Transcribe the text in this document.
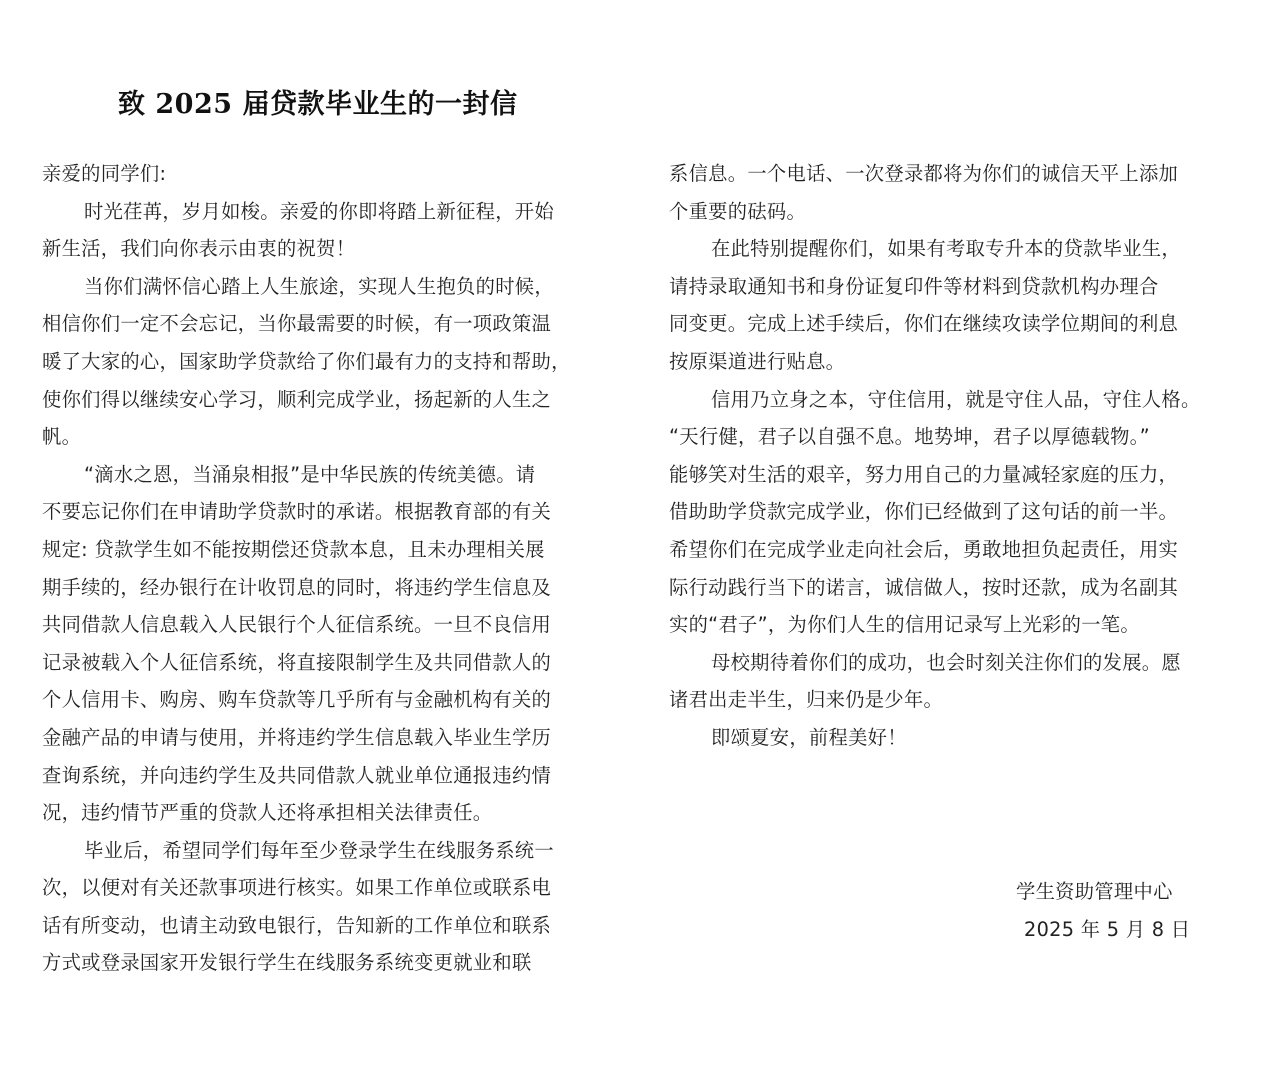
致 2025 届贷款毕业生的一封信
亲爱的同学们:
时光荏苒，岁月如梭。亲爱的你即将踏上新征程，开始
新生活，我们向你表示由衷的祝贺！
当你们满怀信心踏上人生旅途，实现人生抱负的时候，
相信你们一定不会忘记，当你最需要的时候，有一项政策温
暖了大家的心，国家助学贷款给了你们最有力的支持和帮助，
使你们得以继续安心学习，顺利完成学业，扬起新的人生之
帆。
“滴水之恩，当涌泉相报”是中华民族的传统美德。请
不要忘记你们在申请助学贷款时的承诺。根据教育部的有关
规定: 贷款学生如不能按期偿还贷款本息，且未办理相关展
期手续的，经办银行在计收罚息的同时，将违约学生信息及
共同借款人信息载入人民银行个人征信系统。一旦不良信用
记录被载入个人征信系统，将直接限制学生及共同借款人的
个人信用卡、购房、购车贷款等几乎所有与金融机构有关的
金融产品的申请与使用，并将违约学生信息载入毕业生学历
查询系统，并向违约学生及共同借款人就业单位通报违约情
况，违约情节严重的贷款人还将承担相关法律责任。
毕业后，希望同学们每年至少登录学生在线服务系统一
次，以便对有关还款事项进行核实。如果工作单位或联系电
话有所变动，也请主动致电银行，告知新的工作单位和联系
方式或登录国家开发银行学生在线服务系统变更就业和联
系信息。一个电话、一次登录都将为你们的诚信天平上添加
个重要的砝码。
在此特别提醒你们，如果有考取专升本的贷款毕业生，
请持录取通知书和身份证复印件等材料到贷款机构办理合
同变更。完成上述手续后，你们在继续攻读学位期间的利息
按原渠道进行贴息。
信用乃立身之本，守住信用，就是守住人品，守住人格。
“天行健，君子以自强不息。地势坤，君子以厚德载物。”
能够笑对生活的艰辛，努力用自己的力量减轻家庭的压力，
借助助学贷款完成学业，你们已经做到了这句话的前一半。
希望你们在完成学业走向社会后，勇敢地担负起责任，用实
际行动践行当下的诺言，诚信做人，按时还款，成为名副其
实的“君子”，为你们人生的信用记录写上光彩的一笔。
母校期待着你们的成功，也会时刻关注你们的发展。愿
诸君出走半生，归来仍是少年。
即颂夏安，前程美好！
学生资助管理中心
2025 年 5 月 8 日
